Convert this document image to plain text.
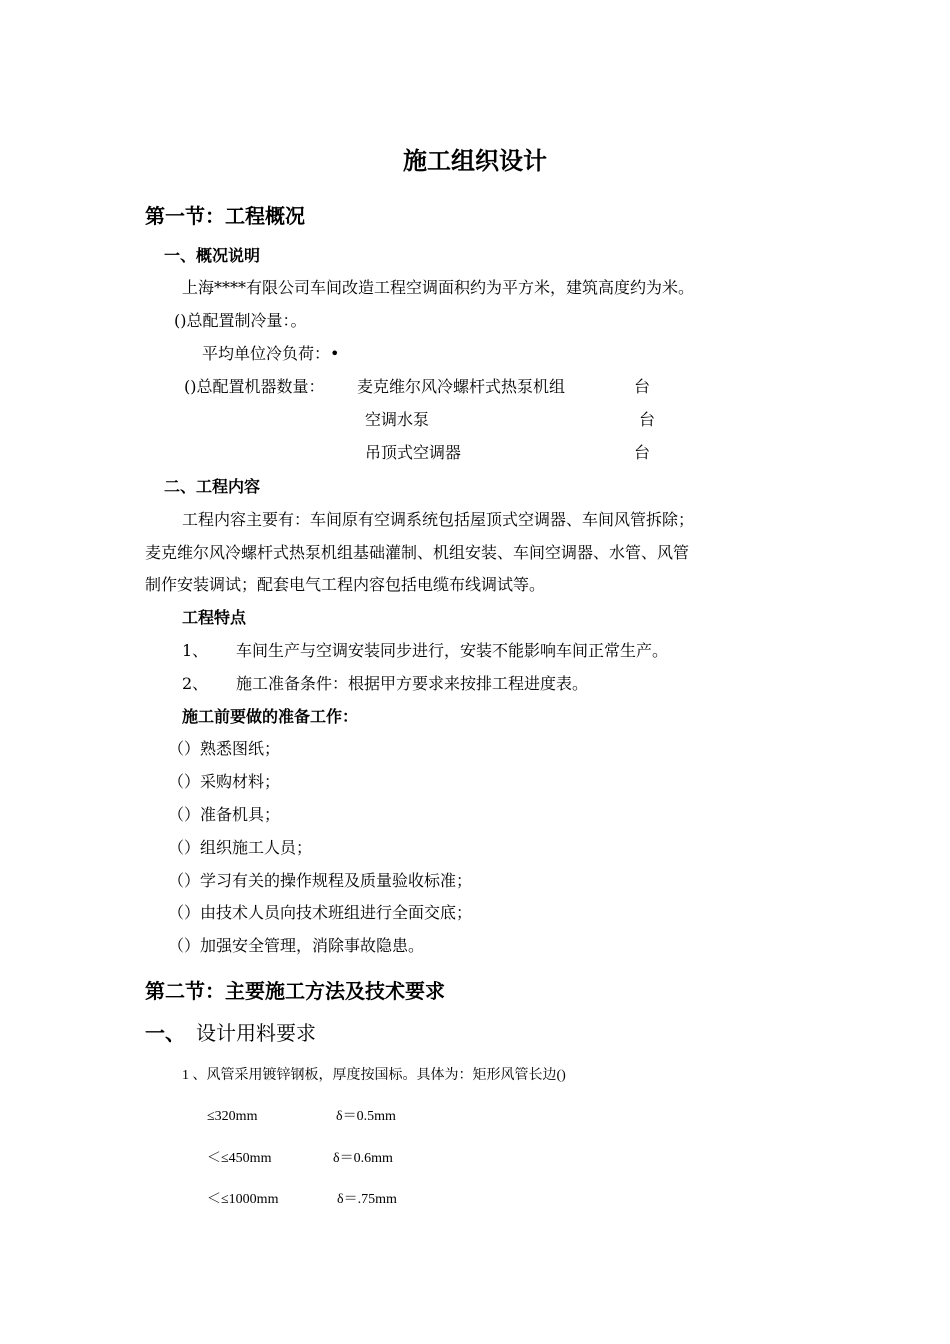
施工组织设计
第一节：工程概况
一、概况说明
上海****有限公司车间改造工程空调面积约为平方米，建筑高度约为米。
()总配置制冷量：。
平均单位冷负荷：•
()总配置机器数量： 麦克维尔风冷螺杆式热泵机组	台
空调水泵	台
吊顶式空调器	台
二、工程内容
工程内容主要有：车间原有空调系统包括屋顶式空调器、车间风管拆除；
麦克维尔风冷螺杆式热泵机组基础灌制、机组安装、车间空调器、水管、风管
制作安装调试；配套电气工程内容包括电缆布线调试等。
工程特点
1、 车间生产与空调安装同步进行，安装不能影响车间正常生产。
2、 施工准备条件：根据甲方要求来按排工程进度表。
施工前要做的准备工作：
（）熟悉图纸；
（）采购材料；
（）准备机具；
（）组织施工人员；
（）学习有关的操作规程及质量验收标准；
（）由技术人员向技术班组进行全面交底；
（）加强安全管理，消除事故隐患。
第二节：主要施工方法及技术要求
一、 设计用料要求
1 、风管采用镀锌钢板，厚度按国标。具体为：矩形风管长边()
≤320mm	δ＝0.5mm
＜≤450mm	δ＝0.6mm
＜≤1000mm	δ＝.75mm
